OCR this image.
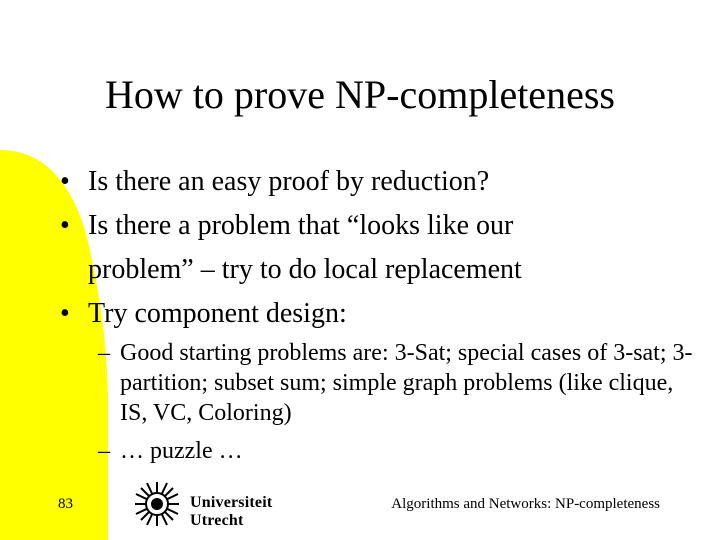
How to prove NP-completeness
• Is there an easy proof by reduction?
• Is there a problem that “looks like our problem” – try to do local replacement
• Try component design:
– Good starting problems are: 3-Sat; special cases of 3-sat; 3-partition; subset sum; simple graph problems (like clique, IS, VC, Coloring)
– … puzzle …
83	Universiteit Utrecht
Algorithms and Networks: NP-completeness
